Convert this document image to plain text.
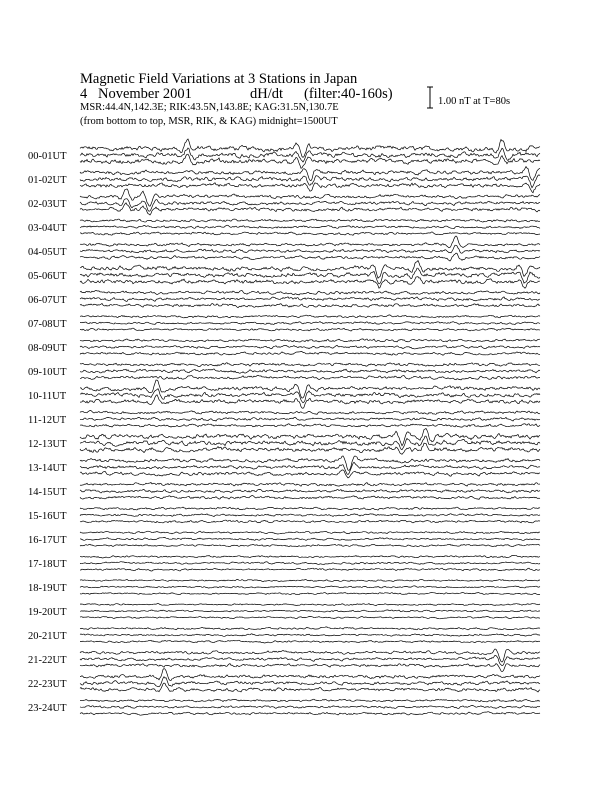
Magnetic Field Variations at 3 Stations in Japan
4 November 2001	dH/dt (filter:40-160s)
MSR:44.4N,142.3E; RIK:43.5N,143.8E; KAG:31.5N,130.7E
(from bottom to top, MSR, RIK, & KAG) midnight=1500UT
1.00 nT at T=80s
00-01UT
01-02UT
02-03UT
03-04UT
04-05UT
05-06UT
06-07UT
07-08UT
08-09UT
09-10UT
10-11UT
11-12UT
12-13UT
13-14UT
14-15UT
15-16UT
16-17UT
17-18UT
18-19UT
19-20UT
20-21UT
21-22UT
22-23UT
23-24UT
